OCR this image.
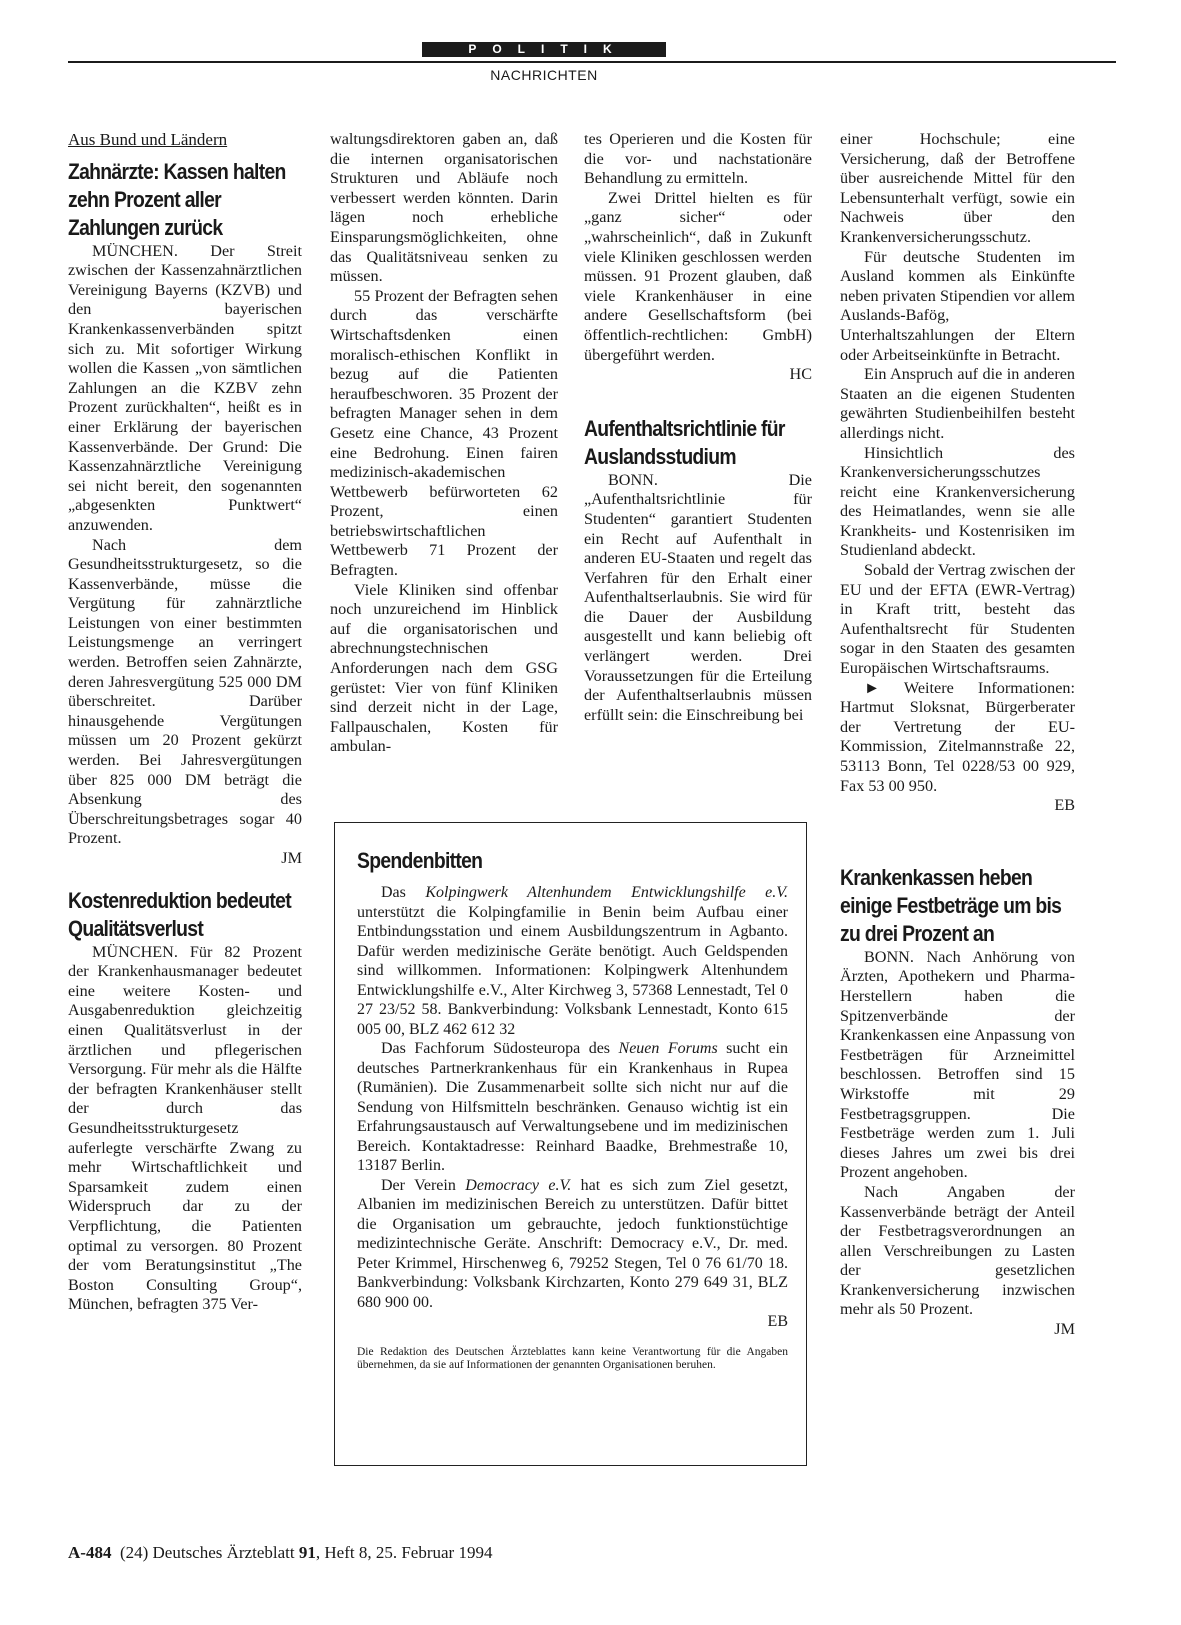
POLITIK
NACHRICHTEN
Aus Bund und Ländern
Zahnärzte: Kassen halten zehn Prozent aller Zahlungen zurück

MÜNCHEN. Der Streit zwischen der Kassenzahnärztlichen Vereinigung Bayerns (KZVB) und den bayerischen Krankenkassenverbänden spitzt sich zu. Mit sofortiger Wirkung wollen die Kassen „von sämtlichen Zahlungen an die KZBV zehn Prozent zurückhalten“, heißt es in einer Erklärung der bayerischen Kassenverbände. Der Grund: Die Kassenzahnärztliche Vereinigung sei nicht bereit, den sogenannten „abgesenkten Punktwert“ anzuwenden.

Nach dem Gesundheitsstrukturgesetz, so die Kassenverbände, müsse die Vergütung für zahnärztliche Leistungen von einer bestimmten Leistungsmenge an verringert werden. Betroffen seien Zahnärzte, deren Jahresvergütung 525 000 DM überschreitet. Darüber hinausgehende Vergütungen müssen um 20 Prozent gekürzt werden. Bei Jahresvergütungen über 825 000 DM beträgt die Absenkung des Überschreitungsbetrages sogar 40 Prozent.

JM
Kostenreduktion bedeutet Qualitätsverlust

MÜNCHEN. Für 82 Prozent der Krankenhausmanager bedeutet eine weitere Kosten- und Ausgabenreduktion gleichzeitig einen Qualitätsverlust in der ärztlichen und pflegerischen Versorgung. Für mehr als die Hälfte der befragten Krankenhäuser stellt der durch das Gesundheitsstrukturgesetz auferlegte verschärfte Zwang zu mehr Wirtschaftlichkeit und Sparsamkeit zudem einen Widerspruch dar zu der Verpflichtung, die Patienten optimal zu versorgen. 80 Prozent der vom Beratungsinstitut „The Boston Consulting Group“, München, befragten 375 Ver-

waltungsdirektoren gaben an, daß die internen organisatorischen Strukturen und Abläufe noch verbessert werden könnten. Darin lägen noch erhebliche Einsparungsmöglichkeiten, ohne das Qualitätsniveau senken zu müssen.

55 Prozent der Befragten sehen durch das verschärfte Wirtschaftsdenken einen moralisch-ethischen Konflikt in bezug auf die Patienten heraufbeschworen. 35 Prozent der befragten Manager sehen in dem Gesetz eine Chance, 43 Prozent eine Bedrohung. Einen fairen medizinisch-akademischen Wettbewerb befürworteten 62 Prozent, einen betriebswirtschaftlichen Wettbewerb 71 Prozent der Befragten.

Viele Kliniken sind offenbar noch unzureichend im Hinblick auf die organisatorischen und abrechnungstechnischen Anforderungen nach dem GSG gerüstet: Vier von fünf Kliniken sind derzeit nicht in der Lage, Fallpauschalen, Kosten für ambulan-

tes Operieren und die Kosten für die vor- und nachstationäre Behandlung zu ermitteln.

Zwei Drittel hielten es für „ganz sicher“ oder „wahrscheinlich“, daß in Zukunft viele Kliniken geschlossen werden müssen. 91 Prozent glauben, daß viele Krankenhäuser in eine andere Gesellschaftsform (bei öffentlich-rechtlichen: GmbH) übergeführt werden.

HC
Aufenthaltsrichtlinie für Auslandsstudium

BONN. Die „Aufenthaltsrichtlinie für Studenten“ garantiert Studenten ein Recht auf Aufenthalt in anderen EU-Staaten und regelt das Verfahren für den Erhalt einer Aufenthaltserlaubnis. Sie wird für die Dauer der Ausbildung ausgestellt und kann beliebig oft verlängert werden. Drei Voraussetzungen für die Erteilung der Aufenthaltserlaubnis müssen erfüllt sein: die Einschreibung bei

einer Hochschule; eine Versicherung, daß der Betroffene über ausreichende Mittel für den Lebensunterhalt verfügt, sowie ein Nachweis über den Krankenversicherungsschutz.

Für deutsche Studenten im Ausland kommen als Einkünfte neben privaten Stipendien vor allem Auslands-Bafög, Unterhaltszahlungen der Eltern oder Arbeitseinkünfte in Betracht.

Ein Anspruch auf die in anderen Staaten an die eigenen Studenten gewährten Studienbeihilfen besteht allerdings nicht.

Hinsichtlich des Krankenversicherungsschutzes reicht eine Krankenversicherung des Heimatlandes, wenn sie alle Krankheits- und Kostenrisiken im Studienland abdeckt.

Sobald der Vertrag zwischen der EU und der EFTA (EWR-Vertrag) in Kraft tritt, besteht das Aufenthaltsrecht für Studenten sogar in den Staaten des gesamten Europäischen Wirtschaftsraums.

► Weitere Informationen: Hartmut Sloksnat, Bürgerberater der Vertretung der EU-Kommission, Zitelmannstraße 22, 53113 Bonn, Tel 0228/53 00 929, Fax 53 00 950.

EB
Krankenkassen heben einige Festbeträge um bis zu drei Prozent an

BONN. Nach Anhörung von Ärzten, Apothekern und Pharma-Herstellern haben die Spitzenverbände der Krankenkassen eine Anpassung von Festbeträgen für Arzneimittel beschlossen. Betroffen sind 15 Wirkstoffe mit 29 Festbetragsgruppen. Die Festbeträge werden zum 1. Juli dieses Jahres um zwei bis drei Prozent angehoben.

Nach Angaben der Kassenverbände beträgt der Anteil der Festbetragsverordnungen an allen Verschreibungen zu Lasten der gesetzlichen Krankenversicherung inzwischen mehr als 50 Prozent.

JM
Spendenbitten

Das Kolpingwerk Altenhundem Entwicklungshilfe e.V. unterstützt die Kolpingfamilie in Benin beim Aufbau einer Entbindungsstation und einem Ausbildungszentrum in Agbanto. Dafür werden medizinische Geräte benötigt. Auch Geldspenden sind willkommen. Informationen: Kolpingwerk Altenhundem Entwicklungshilfe e.V., Alter Kirchweg 3, 57368 Lennestadt, Tel 0 27 23/52 58. Bankverbindung: Volksbank Lennestadt, Konto 615 005 00, BLZ 462 612 32

Das Fachforum Südosteuropa des Neuen Forums sucht ein deutsches Partnerkrankenhaus für ein Krankenhaus in Rupea (Rumänien). Die Zusammenarbeit sollte sich nicht nur auf die Sendung von Hilfsmitteln beschränken. Genauso wichtig ist ein Erfahrungsaustausch auf Verwaltungsebene und im medizinischen Bereich. Kontaktadresse: Reinhard Baadke, Brehmestraße 10, 13187 Berlin.

Der Verein Democracy e.V. hat es sich zum Ziel gesetzt, Albanien im medizinischen Bereich zu unterstützen. Dafür bittet die Organisation um gebrauchte, jedoch funktionstüchtige medizintechnische Geräte. Anschrift: Democracy e.V., Dr. med. Peter Krimmel, Hirschenweg 6, 79252 Stegen, Tel 0 76 61/70 18. Bankverbindung: Volksbank Kirchzarten, Konto 279 649 31, BLZ 680 900 00.

EB

Die Redaktion des Deutschen Ärzteblattes kann keine Verantwortung für die Angaben übernehmen, da sie auf Informationen der genannten Organisationen beruhen.

A-484 (24) Deutsches Ärzteblatt 91, Heft 8, 25. Februar 1994
